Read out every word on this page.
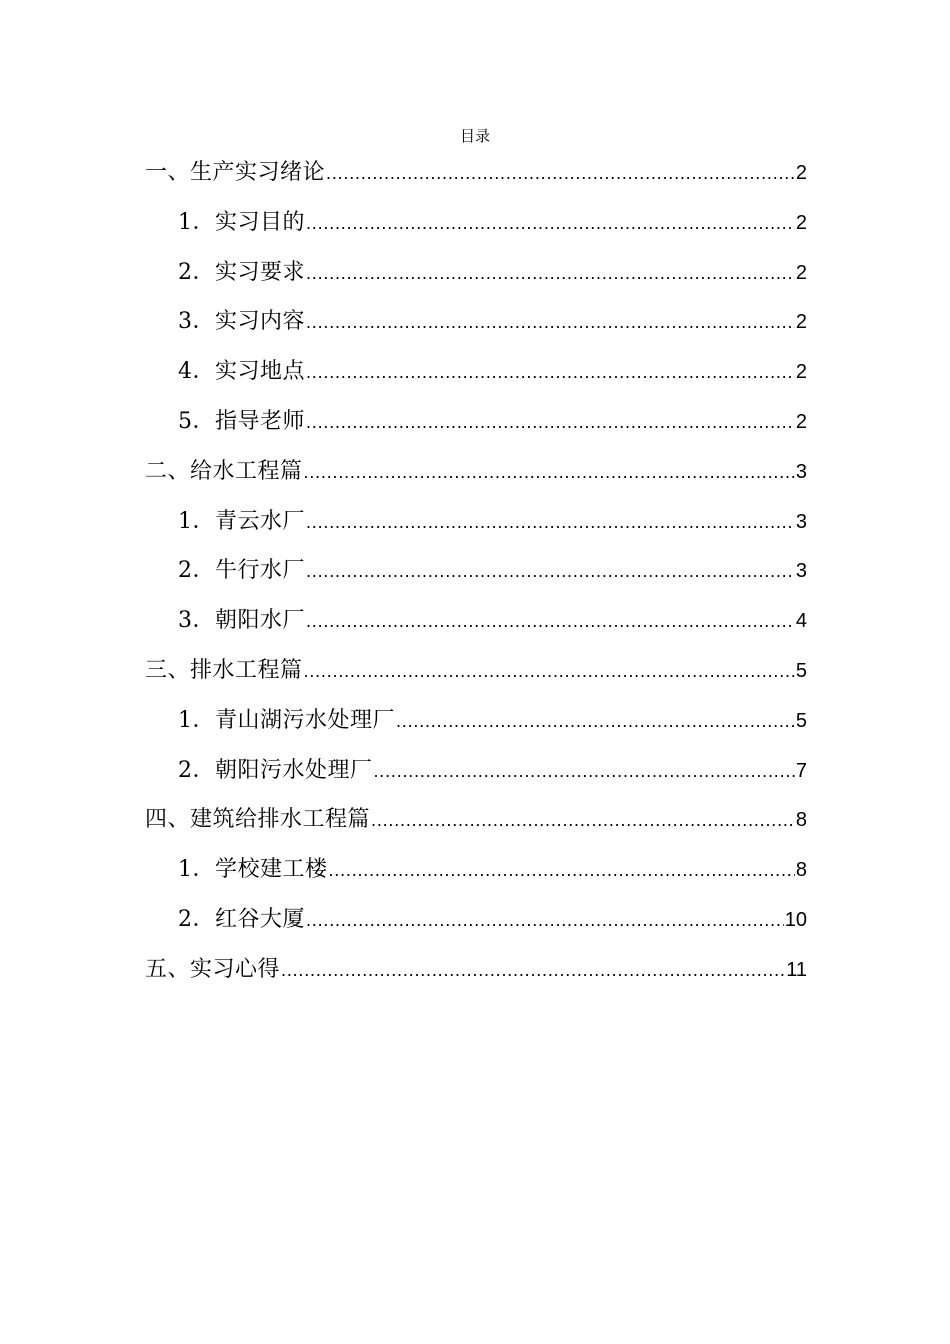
目录
一、生产实习绪论 .....	2
1．实习目的 .....	2
2．实习要求 .....	2
3．实习内容 .....	2
4．实习地点 .....	2
5．指导老师 .....	2
二、给水工程篇 .....	3
1．青云水厂 .....	3
2．牛行水厂 .....	3
3．朝阳水厂 .....	4
三、排水工程篇 .....	5
1．青山湖污水处理厂 .....	5
2．朝阳污水处理厂 .....	7
四、建筑给排水工程篇 .....	8
1．学校建工楼 .....	8
2．红谷大厦 .....	10
五、实习心得 .....	11
